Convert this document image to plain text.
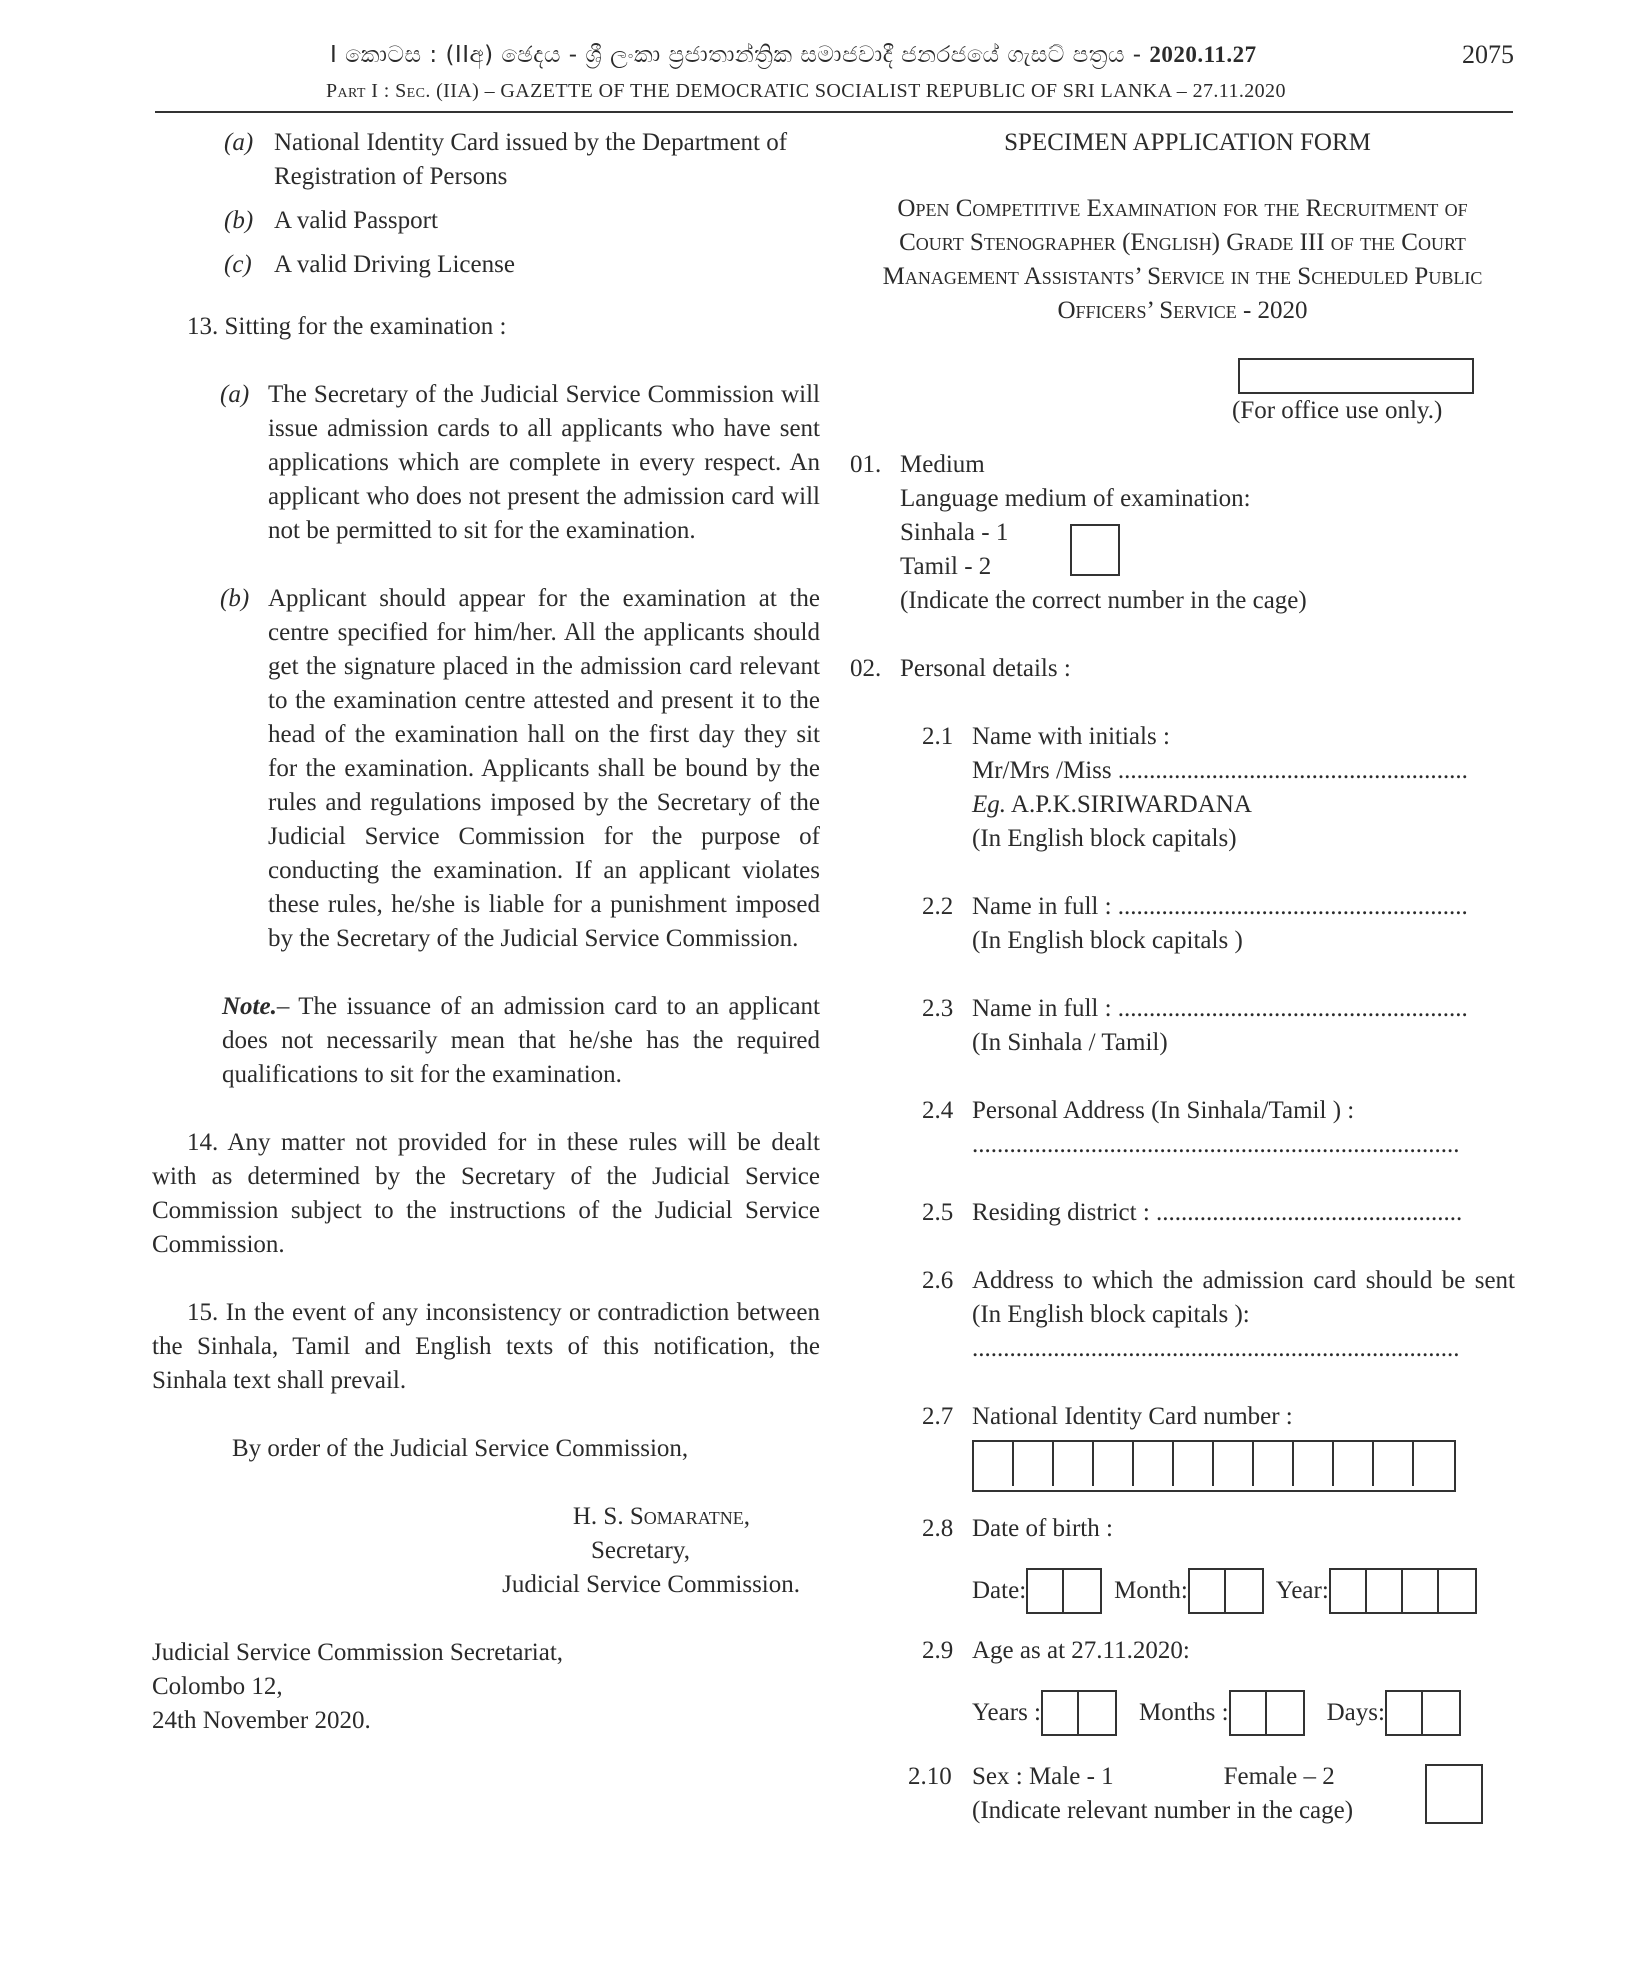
I කොටස : (IIඅ) ඡෙදය - ශ්‍රී ලංකා ප්‍රජාතාන්ත්‍රික සමාජවාදී ජනරජයේ ගැසට් පත්‍රය - 2020.11.27
Part I : Sec. (IIA) – GAZETTE OF THE DEMOCRATIC SOCIALIST REPUBLIC OF SRI LANKA – 27.11.2020
2075
(a) National Identity Card issued by the Department of Registration of Persons
(b) A valid Passport
(c) A valid Driving License

13. Sitting for the examination :

(a) The Secretary of the Judicial Service Commission will issue admission cards to all applicants who have sent applications which are complete in every respect. An applicant who does not present the admission card will not be permitted to sit for the examination.
(b) Applicant should appear for the examination at the centre specified for him/her. All the applicants should get the signature placed in the admission card relevant to the examination centre attested and present it to the head of the examination hall on the first day they sit for the examination. Applicants shall be bound by the rules and regulations imposed by the Secretary of the Judicial Service Commission for the purpose of conducting the examination. If an applicant violates these rules, he/she is liable for a punishment imposed by the Secretary of the Judicial Service Commission.
Note.– The issuance of an admission card to an applicant does not necessarily mean that he/she has the required qualifications to sit for the examination.

14. Any matter not provided for in these rules will be dealt with as determined by the Secretary of the Judicial Service Commission subject to the instructions of the Judicial Service Commission.

15. In the event of any inconsistency or contradiction between the Sinhala, Tamil and English texts of this notification, the Sinhala text shall prevail.

By order of the Judicial Service Commission,

H. S. Somaratne,
Secretary,
Judicial Service Commission.
Judicial Service Commission Secretariat,
Colombo 12,
24th November 2020.
SPECIMEN APPLICATION FORM
Open Competitive Examination for the Recruitment of
Court Stenographer (English) Grade III of the Court
Management Assistants’ Service in the Scheduled Public
Officers’ Service - 2020
(For office use only.)
01. Medium
Language medium of examination:
Sinhala - 1
Tamil - 2
(Indicate the correct number in the cage)
02. Personal details :
2.1 Name with initials :
Mr/Mrs /Miss ........................................................
Eg. A.P.K.SIRIWARDANA
(In English block capitals)
2.2 Name in full : ........................................................
(In English block capitals )
2.3 Name in full : ........................................................
(In Sinhala / Tamil)
2.4 Personal Address (In Sinhala/Tamil ) :
..............................................................................
2.5 Residing district : .................................................
2.6 Address to which the admission card should be sent (In English block capitals ):
..............................................................................
2.7 National Identity Card number :
2.8 Date of birth :
Date:	Month:	Year:
2.9 Age as at 27.11.2020:
Years :	Months :	Days:
2.10 Sex : Male - 1	Female – 2
(Indicate relevant number in the cage)
